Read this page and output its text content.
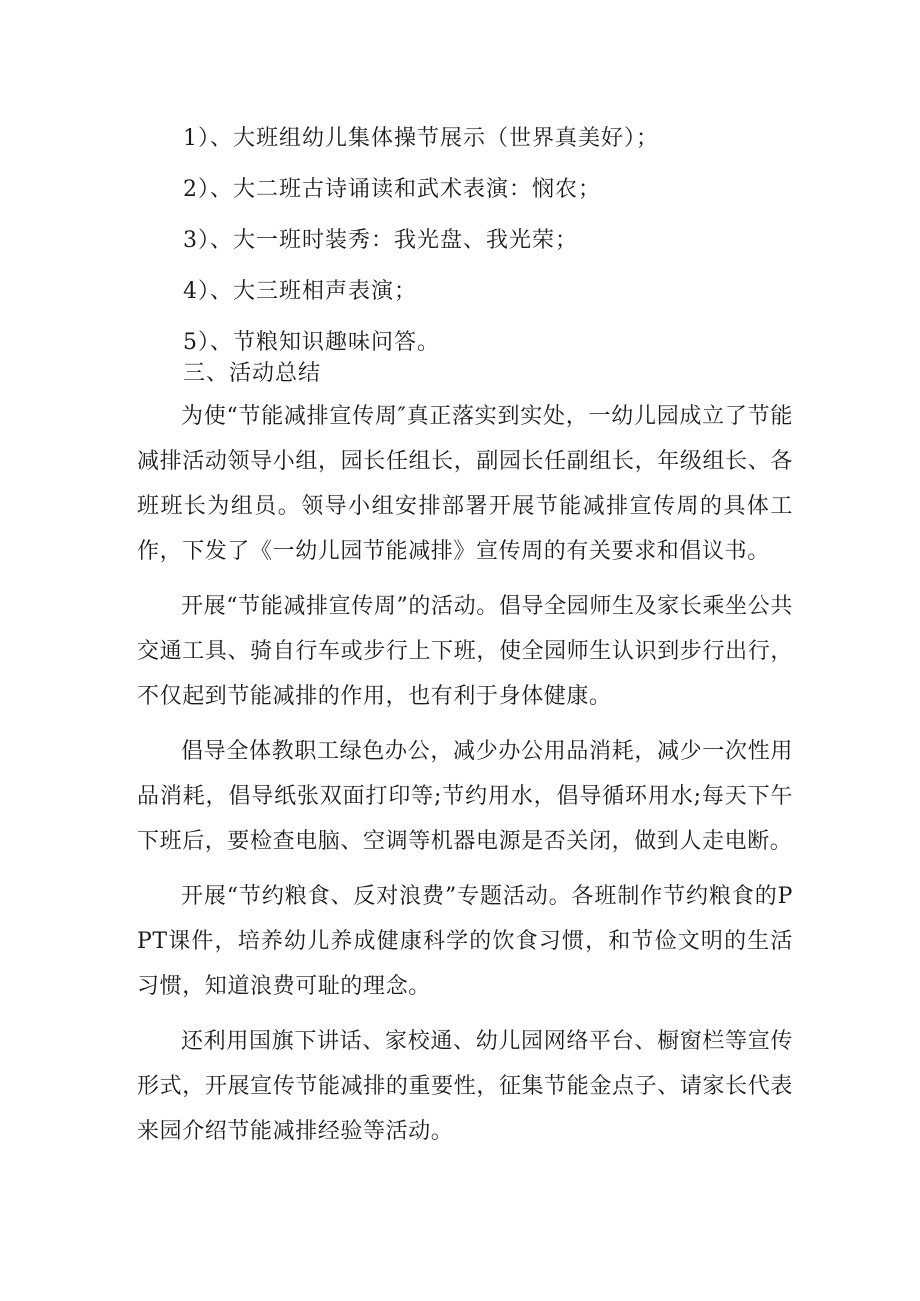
1）、大班组幼儿集体操节展示（世界真美好）；
2）、大二班古诗诵读和武术表演：悯农；
3）、大一班时装秀：我光盘、我光荣；
4）、大三班相声表演；
5）、节粮知识趣味问答。
三、活动总结

为使“节能减排宣传周″真正落实到实处，一幼儿园成立了节能减排活动领导小组，园长任组长，副园长任副组长，年级组长、各班班长为组员。领导小组安排部署开展节能减排宣传周的具体工作，下发了《一幼儿园节能减排》宣传周的有关要求和倡议书。

开展“节能减排宣传周”的活动。倡导全园师生及家长乘坐公共交通工具、骑自行车或步行上下班，使全园师生认识到步行出行，不仅起到节能减排的作用，也有利于身体健康。

倡导全体教职工绿色办公，减少办公用品消耗，减少一次性用品消耗，倡导纸张双面打印等;节约用水，倡导循环用水;每天下午下班后，要检查电脑、空调等机器电源是否关闭，做到人走电断。

开展“节约粮食、反对浪费”专题活动。各班制作节约粮食的PPT课件，培养幼儿养成健康科学的饮食习惯，和节俭文明的生活习惯，知道浪费可耻的理念。

还利用国旗下讲话、家校通、幼儿园网络平台、橱窗栏等宣传形式，开展宣传节能减排的重要性，征集节能金点子、请家长代表来园介绍节能减排经验等活动。
